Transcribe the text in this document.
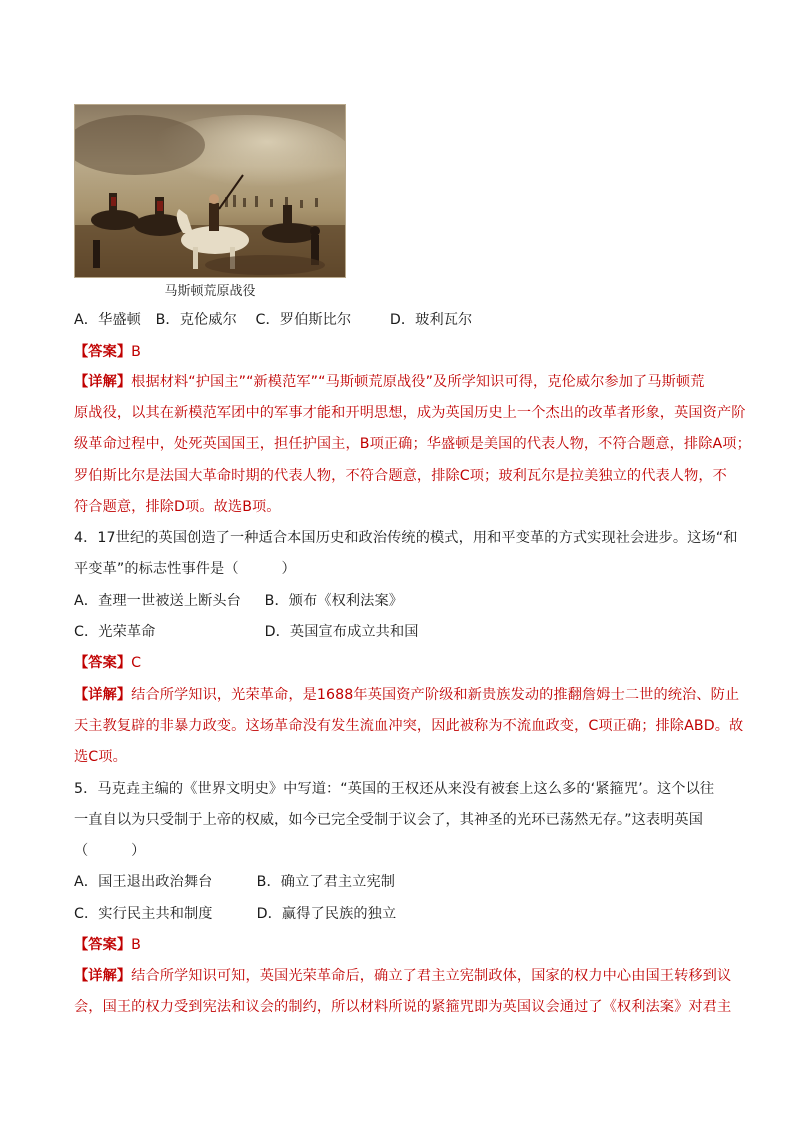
马斯顿荒原战役
A．华盛顿 B．克伦威尔 C．罗伯斯比尔	D．玻利瓦尔
【答案】B
【详解】根据材料“护国主”“新模范军”“马斯顿荒原战役”及所学知识可得，克伦威尔参加了马斯顿荒
原战役，以其在新模范军团中的军事才能和开明思想，成为英国历史上一个杰出的改革者形象，英国资产阶
级革命过程中，处死英国国王，担任护国主，B项正确；华盛顿是美国的代表人物，不符合题意，排除A项；
罗伯斯比尔是法国大革命时期的代表人物，不符合题意，排除C项；玻利瓦尔是拉美独立的代表人物，不
符合题意，排除D项。故选B项。
4．17世纪的英国创造了一种适合本国历史和政治传统的模式，用和平变革的方式实现社会进步。这场“和
平变革”的标志性事件是（　　　）
A．查理一世被送上断头台 B．颁布《权利法案》
C．光荣革命	D．英国宣布成立共和国
【答案】C
【详解】结合所学知识，光荣革命，是1688年英国资产阶级和新贵族发动的推翻詹姆士二世的统治、防止
天主教复辟的非暴力政变。这场革命没有发生流血冲突，因此被称为不流血政变，C项正确；排除ABD。故
选C项。
5．马克垚主编的《世界文明史》中写道：“英国的王权还从来没有被套上这么多的‘紧箍咒’。这个以往
一直自以为只受制于上帝的权威，如今已完全受制于议会了，其神圣的光环已荡然无存。”这表明英国
（　　　）
A．国王退出政治舞台	B．确立了君主立宪制
C．实行民主共和制度	D．赢得了民族的独立
【答案】B
【详解】结合所学知识可知，英国光荣革命后，确立了君主立宪制政体，国家的权力中心由国王转移到议
会，国王的权力受到宪法和议会的制约，所以材料所说的紧箍咒即为英国议会通过了《权利法案》对君主
